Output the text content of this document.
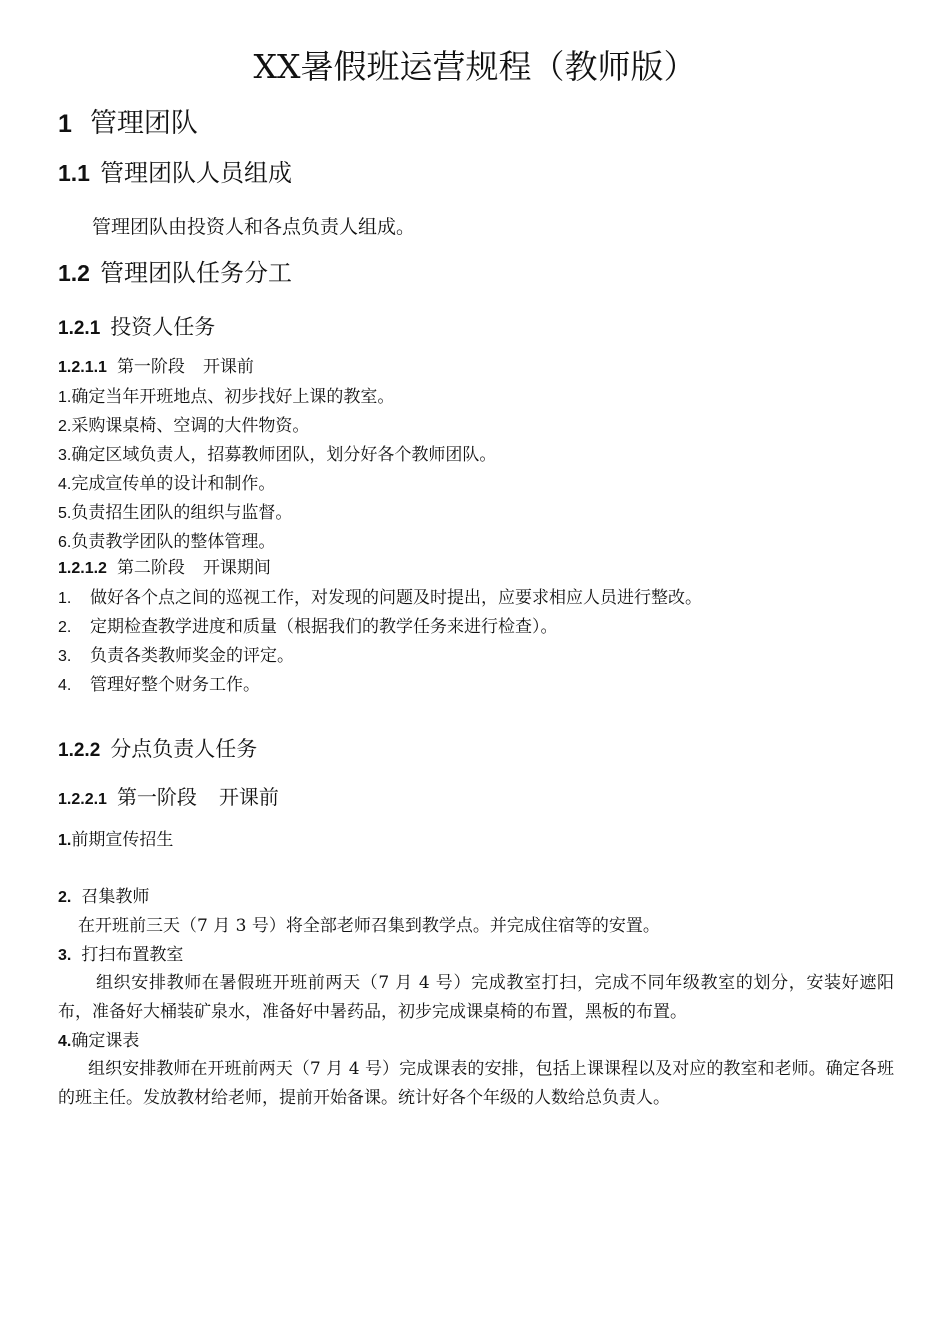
XX暑假班运营规程（教师版）
1 管理团队
1.1 管理团队人员组成
管理团队由投资人和各点负责人组成。
1.2 管理团队任务分工
1.2.1 投资人任务
1.2.1.1 第一阶段 开课前
1.确定当年开班地点、初步找好上课的教室。
2.采购课桌椅、空调的大件物资。
3.确定区域负责人，招募教师团队，划分好各个教师团队。
4.完成宣传单的设计和制作。
5.负责招生团队的组织与监督。
6.负责教学团队的整体管理。
1.2.1.2 第二阶段 开课期间
1. 做好各个点之间的巡视工作，对发现的问题及时提出，应要求相应人员进行整改。
2. 定期检查教学进度和质量（根据我们的教学任务来进行检查）。
3. 负责各类教师奖金的评定。
4. 管理好整个财务工作。
1.2.2 分点负责人任务
1.2.2.1 第一阶段 开课前
1.前期宣传招生
2. 召集教师
在开班前三天（7 月 3 号）将全部老师召集到教学点。并完成住宿等的安置。
3. 打扫布置教室
组织安排教师在暑假班开班前两天（7 月 4 号）完成教室打扫，完成不同年级教室的划分，安装好遮阳布，准备好大桶装矿泉水，准备好中暑药品，初步完成课桌椅的布置，黑板的布置。
4.确定课表
组织安排教师在开班前两天（7 月 4 号）完成课表的安排，包括上课课程以及对应的教室和老师。确定各班的班主任。发放教材给老师，提前开始备课。统计好各个年级的人数给总负责人。
